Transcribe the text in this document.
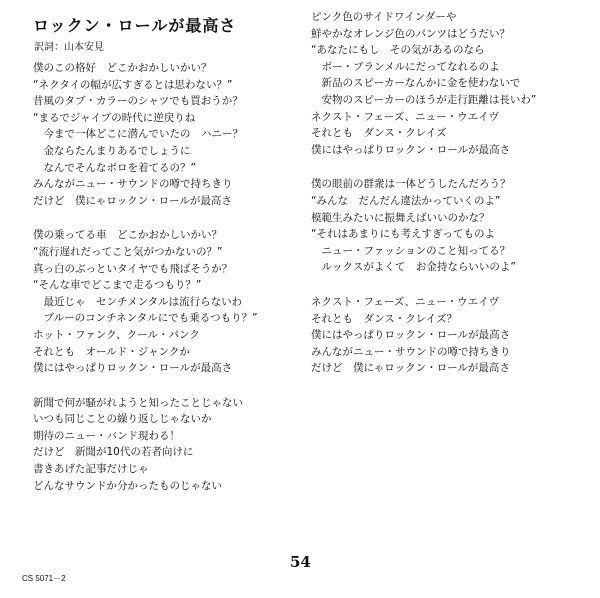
ロックン・ロールが最高さ
訳詞：山本安見
僕のこの格好　どこかおかしいかい？
“ネクタイの幅が広すぎるとは思わない？”
昔風のタブ・カラーのシャツでも買おうか？
“まるでジャイブの時代に逆戻りね
　今まで一体どこに潜んでいたの　ハニー？
　金ならたんまりあるでしょうに
　なんでそんなボロを着てるの？”
みんながニュー・サウンドの噂で持ちきり
だけど　僕にゃロックン・ロールが最高さ
僕の乗ってる車　どこかおかしいかい？
“流行遅れだってこと気がつかないの？”
真っ白のぶっといタイヤでも飛ばそうか？
“そんな車でどこまで走るつもり？”
　最近じゃ　センチメンタルは流行らないわ
　ブルーのコンチネンタルにでも乗るつもり？”
ホット・ファンク、クール・パンク
それとも　オールド・ジャンクか
僕にはやっぱりロックン・ロールが最高さ
新聞で何が騒がれようと知ったことじゃない
いつも同じことの繰り返しじゃないか
期待のニュー・バンド現わる！
だけど　新聞が10代の若者向けに
書きあげた記事だけじゃ
どんなサウンドか分かったものじゃない
ピンク色のサイドワインダーや
鮮やかなオレンジ色のパンツはどうだい？
“あなたにもし　その気があるのなら
　ボー・ブランメルにだってなれるのよ
　新品のスピーカーなんかに金を使わないで
　安物のスピーカーのほうが走行距離は長いわ”
ネクスト・フェーズ、ニュー・ウエイヴ
それとも　ダンス・クレイズ
僕にはやっぱりロックン・ロールが最高さ
僕の眼前の群衆は一体どうしたんだろう？
“みんな　だんだん違法かっていくのよ”
模範生みたいに振舞えばいいのかな？
“それはあまりにも考えすぎってものよ
　ニュー・ファッションのこと知ってる？
　ルックスがよくて　お金持ならいいのよ”
ネクスト・フェーズ、ニュー・ウエイヴ
それとも　ダンス・クレイズ？
僕にはやっぱりロックン・ロールが最高さ
みんながニュー・サウンドの噂で持ちきり
だけど　僕にゃロックン・ロールが最高さ
54
CS 5071－2
